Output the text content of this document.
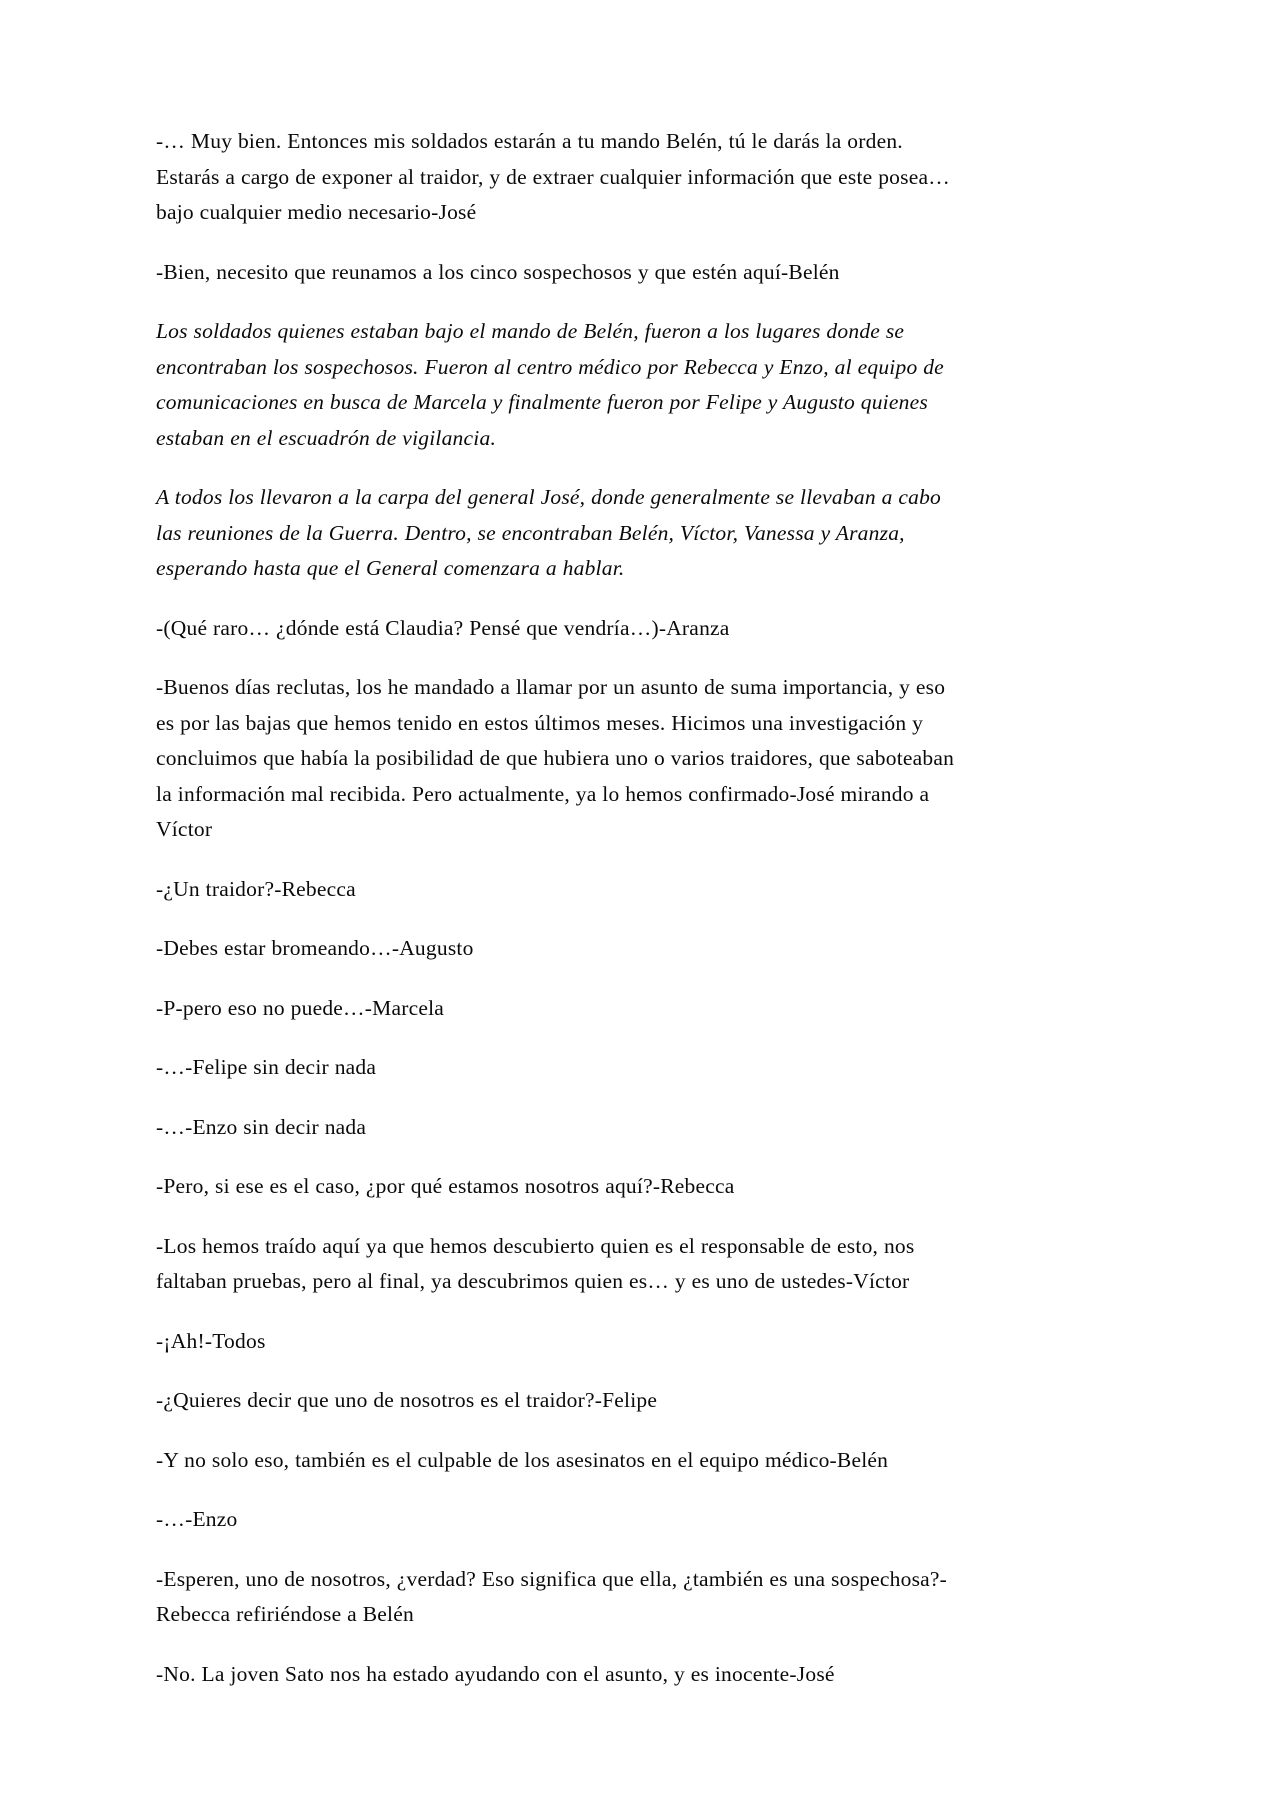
-… Muy bien. Entonces mis soldados estarán a tu mando Belén, tú le darás la orden. Estarás a cargo de exponer al traidor, y de extraer cualquier información que este posea… bajo cualquier medio necesario-José

-Bien, necesito que reunamos a los cinco sospechosos y que estén aquí-Belén

Los soldados quienes estaban bajo el mando de Belén, fueron a los lugares donde se encontraban los sospechosos. Fueron al centro médico por Rebecca y Enzo, al equipo de comunicaciones en busca de Marcela y finalmente fueron por Felipe y Augusto quienes estaban en el escuadrón de vigilancia.

A todos los llevaron a la carpa del general José, donde generalmente se llevaban a cabo las reuniones de la Guerra. Dentro, se encontraban Belén, Víctor, Vanessa y Aranza, esperando hasta que el General comenzara a hablar.

-(Qué raro… ¿dónde está Claudia? Pensé que vendría…)-Aranza

-Buenos días reclutas, los he mandado a llamar por un asunto de suma importancia, y eso es por las bajas que hemos tenido en estos últimos meses. Hicimos una investigación y concluimos que había la posibilidad de que hubiera uno o varios traidores, que saboteaban la información mal recibida. Pero actualmente, ya lo hemos confirmado-José mirando a Víctor

-¿Un traidor?-Rebecca

-Debes estar bromeando…-Augusto

-P-pero eso no puede…-Marcela

-…-Felipe sin decir nada

-…-Enzo sin decir nada

-Pero, si ese es el caso, ¿por qué estamos nosotros aquí?-Rebecca

-Los hemos traído aquí ya que hemos descubierto quien es el responsable de esto, nos faltaban pruebas, pero al final, ya descubrimos quien es… y es uno de ustedes-Víctor

-¡Ah!-Todos

-¿Quieres decir que uno de nosotros es el traidor?-Felipe

-Y no solo eso, también es el culpable de los asesinatos en el equipo médico-Belén

-…-Enzo

-Esperen, uno de nosotros, ¿verdad? Eso significa que ella, ¿también es una sospechosa?- Rebecca refiriéndose a Belén

-No. La joven Sato nos ha estado ayudando con el asunto, y es inocente-José
